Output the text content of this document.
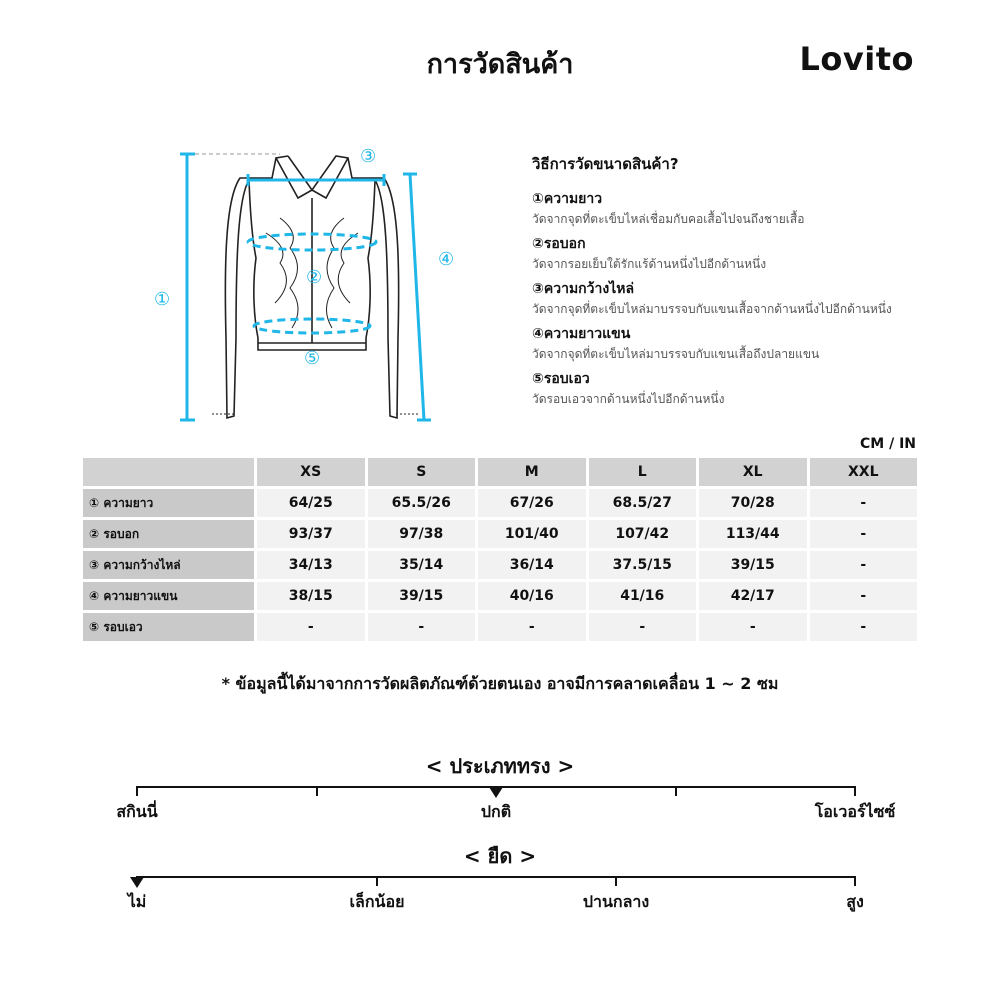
การวัดสินค้า	Lovito
①
②
③
④
⑤
วิธีการวัดขนาดสินค้า?
①ความยาว
วัดจากจุดที่ตะเข็บไหล่เชื่อมกับคอเสื้อไปจนถึงชายเสื้อ
②รอบอก
วัดจากรอยเย็บใต้รักแร้ด้านหนึ่งไปอีกด้านหนึ่ง
③ความกว้างไหล่
วัดจากจุดที่ตะเข็บไหล่มาบรรจบกับแขนเสื้อจากด้านหนึ่งไปอีกด้านหนึ่ง
④ความยาวแขน
วัดจากจุดที่ตะเข็บไหล่มาบรรจบกับแขนเสื้อถึงปลายแขน
⑤รอบเอว
วัดรอบเอวจากด้านหนึ่งไปอีกด้านหนึ่ง
CM / IN
	XS	S	M	L	XL	XXL
① ความยาว	64/25	65.5/26	67/26	68.5/27	70/28	-
② รอบอก	93/37	97/38	101/40	107/42	113/44	-
③ ความกว้างไหล่	34/13	35/14	36/14	37.5/15	39/15	-
④ ความยาวแขน	38/15	39/15	40/16	41/16	42/17	-
⑤ รอบเอว	-	-	-	-	-	-
* ข้อมูลนี้ได้มาจากการวัดผลิตภัณฑ์ด้วยตนเอง อาจมีการคลาดเคลื่อน 1 ~ 2 ซม
< ประเภททรง >
สกินนี่	ปกติ	โอเวอร์ไซซ์
< ยืด >
ไม่	เล็กน้อย	ปานกลาง	สูง
